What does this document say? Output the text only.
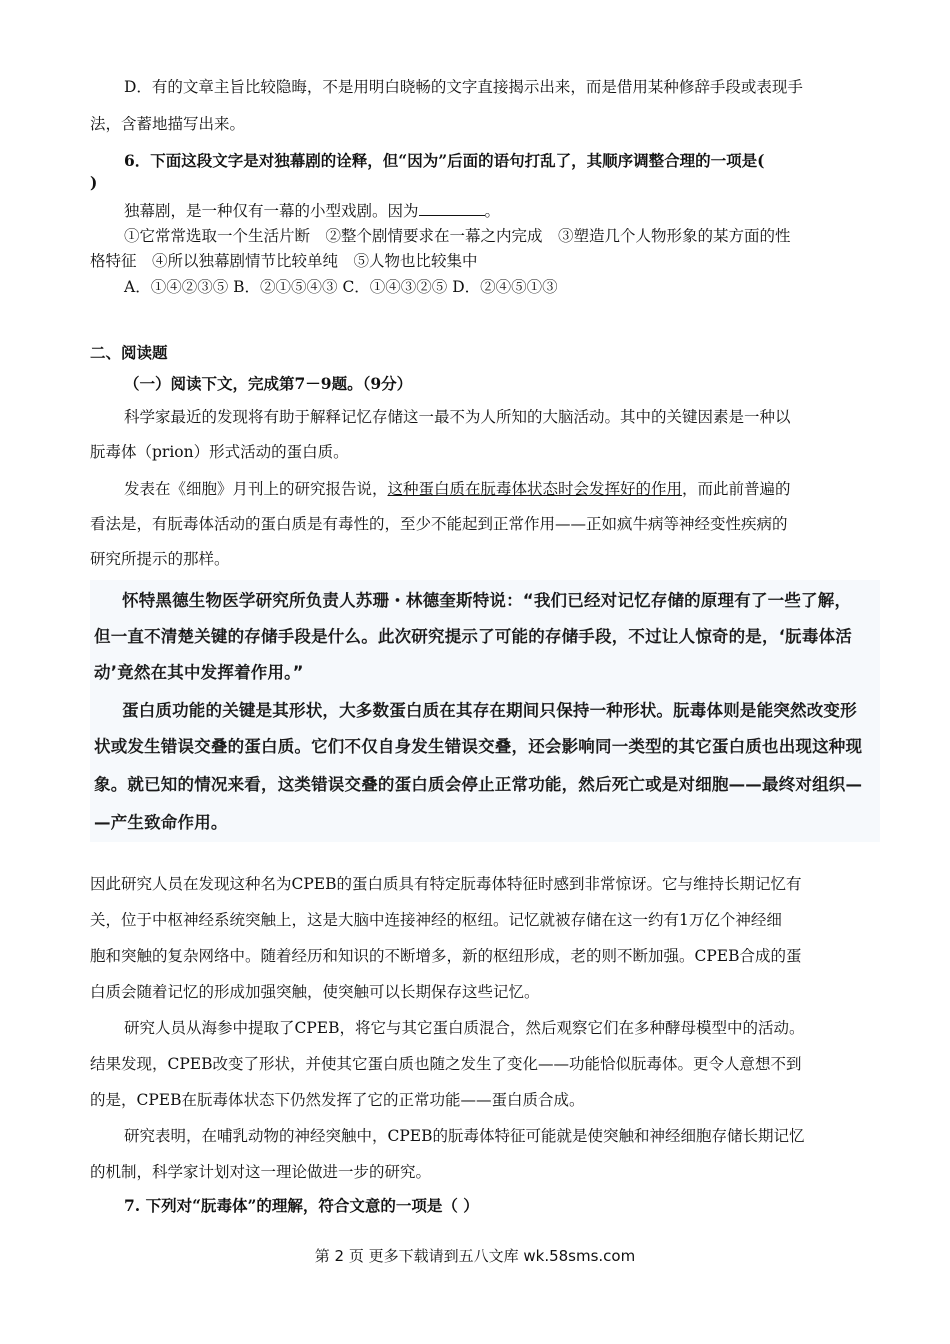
D．有的文章主旨比较隐晦，不是用明白晓畅的文字直接揭示出来，而是借用某种修辞手段或表现手
法，含蓄地描写出来。
6．下面这段文字是对独幕剧的诠释，但“因为”后面的语句打乱了，其顺序调整合理的一项是(
)
独幕剧，是一种仅有一幕的小型戏剧。因为	。
①它常常选取一个生活片断　②整个剧情要求在一幕之内完成　③塑造几个人物形象的某方面的性
格特征　④所以独幕剧情节比较单纯　⑤人物也比较集中
A．①④②③⑤ B．②①⑤④③ C．①④③②⑤ D．②④⑤①③
二、阅读题
（一）阅读下文，完成第7－9题。（9分）
科学家最近的发现将有助于解释记忆存储这一最不为人所知的大脑活动。其中的关键因素是一种以
朊毒体（prion）形式活动的蛋白质。
发表在《细胞》月刊上的研究报告说，这种蛋白质在朊毒体状态时会发挥好的作用，而此前普遍的
看法是，有朊毒体活动的蛋白质是有毒性的，至少不能起到正常作用——正如疯牛病等神经变性疾病的
研究所提示的那样。
怀特黑德生物医学研究所负责人苏珊・林德奎斯特说：“我们已经对记忆存储的原理有了一些了解，
但一直不清楚关键的存储手段是什么。此次研究提示了可能的存储手段，不过让人惊奇的是，‘朊毒体活
动’竟然在其中发挥着作用。”
蛋白质功能的关键是其形状，大多数蛋白质在其存在期间只保持一种形状。朊毒体则是能突然改变形
状或发生错误交叠的蛋白质。它们不仅自身发生错误交叠，还会影响同一类型的其它蛋白质也出现这种现
象。就已知的情况来看，这类错误交叠的蛋白质会停止正常功能，然后死亡或是对细胞——最终对组织—
—产生致命作用。
因此研究人员在发现这种名为CPEB的蛋白质具有特定朊毒体特征时感到非常惊讶。它与维持长期记忆有
关，位于中枢神经系统突触上，这是大脑中连接神经的枢纽。记忆就被存储在这一约有1万亿个神经细
胞和突触的复杂网络中。随着经历和知识的不断增多，新的枢纽形成，老的则不断加强。CPEB合成的蛋
白质会随着记忆的形成加强突触，使突触可以长期保存这些记忆。
研究人员从海参中提取了CPEB，将它与其它蛋白质混合，然后观察它们在多种酵母模型中的活动。
结果发现，CPEB改变了形状，并使其它蛋白质也随之发生了变化——功能恰似朊毒体。更令人意想不到
的是，CPEB在朊毒体状态下仍然发挥了它的正常功能——蛋白质合成。
研究表明，在哺乳动物的神经突触中，CPEB的朊毒体特征可能就是使突触和神经细胞存储长期记忆
的机制，科学家计划对这一理论做进一步的研究。
7. 下列对“朊毒体”的理解，符合文意的一项是（ ）
第 2 页 更多下载请到五八文库 wk.58sms.com
